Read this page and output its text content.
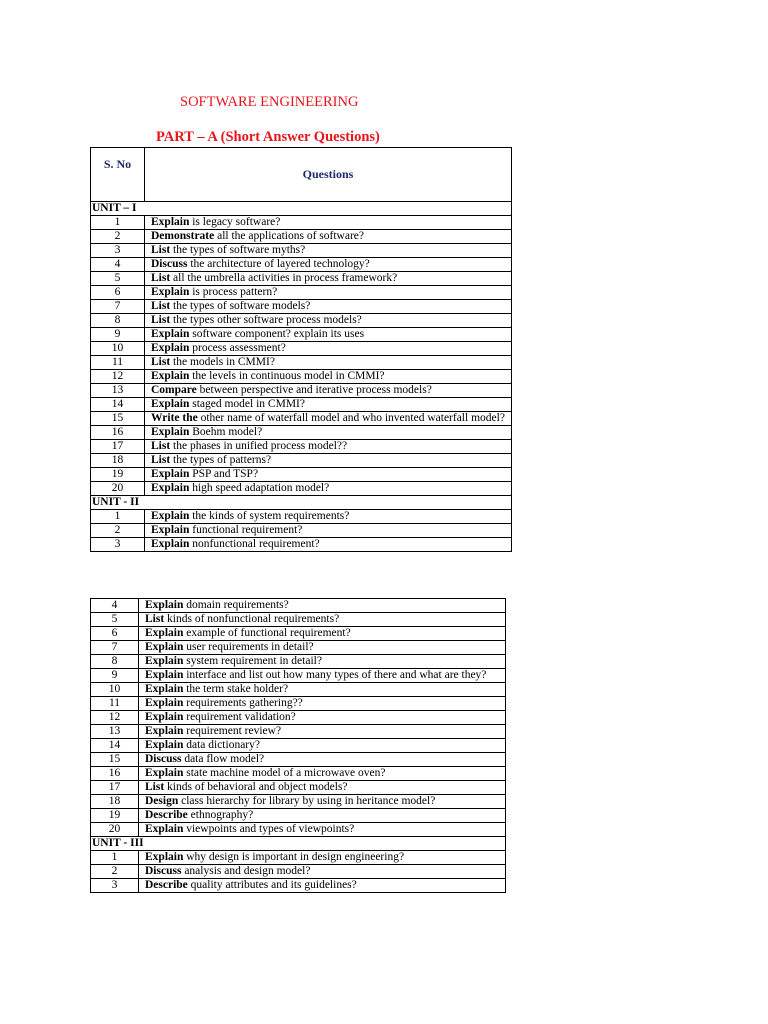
SOFTWARE ENGINEERING
PART – A (Short Answer Questions)
S. No	Questions
UNIT – I	
1	Explain is legacy software?
2	Demonstrate all the applications of software?
3	List the types of software myths?
4	Discuss the architecture of layered technology?
5	List all the umbrella activities in process framework?
6	Explain is process pattern?
7	List the types of software models?
8	List the types other software process models?
9	Explain software component? explain its uses
10	Explain process assessment?
11	List the models in CMMI?
12	Explain the levels in continuous model in CMMI?
13	Compare between perspective and iterative process models?
14	Explain staged model in CMMI?
15	Write the other name of waterfall model and who invented waterfall model?
16	Explain Boehm model?
17	List the phases in unified process model??
18	List the types of patterns?
19	Explain PSP and TSP?
20	Explain high speed adaptation model?
UNIT - II	
1	Explain the kinds of system requirements?
2	Explain functional requirement?
3	Explain nonfunctional requirement?
4	Explain domain requirements?
5	List kinds of nonfunctional requirements?
6	Explain example of functional requirement?
7	Explain user requirements in detail?
8	Explain system requirement in detail?
9	Explain interface and list out how many types of there and what are they?
10	Explain the term stake holder?
11	Explain requirements gathering??
12	Explain requirement validation?
13	Explain requirement review?
14	Explain data dictionary?
15	Discuss data flow model?
16	Explain state machine model of a microwave oven?
17	List kinds of behavioral and object models?
18	Design class hierarchy for library by using in heritance model?
19	Describe ethnography?
20	Explain viewpoints and types of viewpoints?
UNIT - III	
1	Explain why design is important in design engineering?
2	Discuss analysis and design model?
3	Describe quality attributes and its guidelines?
